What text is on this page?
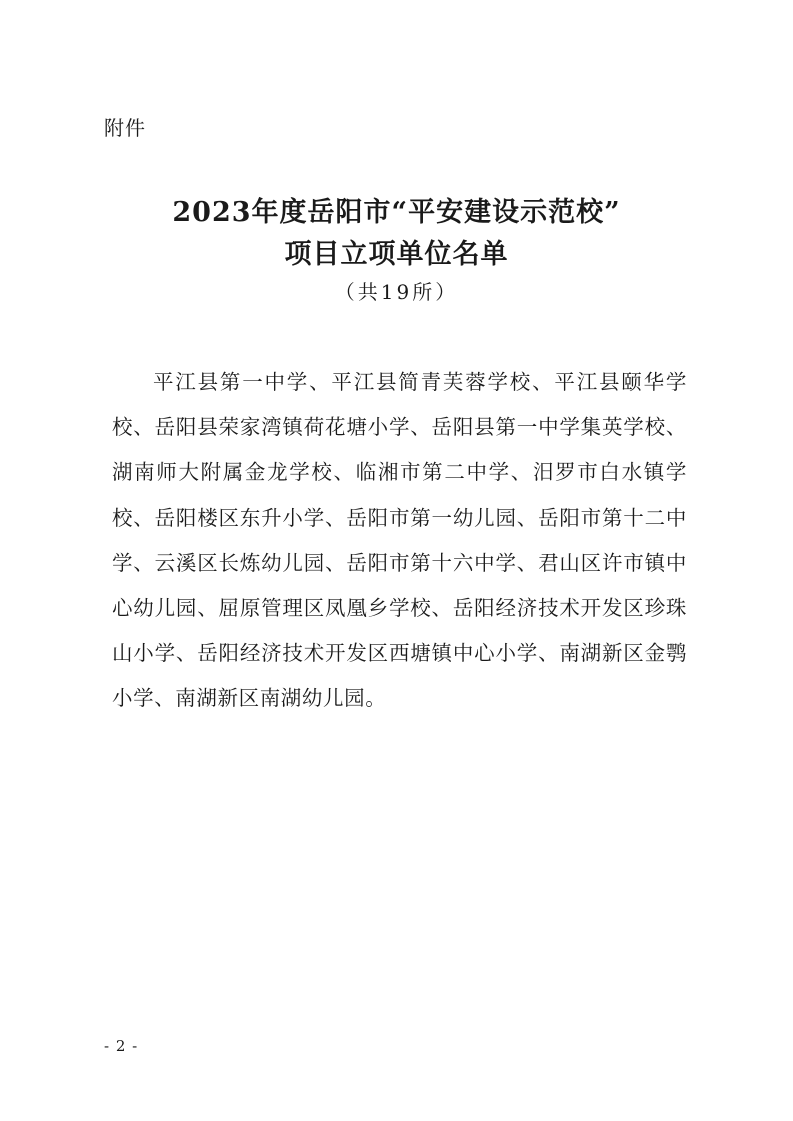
附件
2023年度岳阳市“平安建设示范校”
项目立项单位名单
（共19所）

平江县第一中学、平江县简青芙蓉学校、平江县颐华学校、岳阳县荣家湾镇荷花塘小学、岳阳县第一中学集英学校、湖南师大附属金龙学校、临湘市第二中学、汨罗市白水镇学校、岳阳楼区东升小学、岳阳市第一幼儿园、岳阳市第十二中学、云溪区长炼幼儿园、岳阳市第十六中学、君山区许市镇中心幼儿园、屈原管理区凤凰乡学校、岳阳经济技术开发区珍珠山小学、岳阳经济技术开发区西塘镇中心小学、南湖新区金鹗小学、南湖新区南湖幼儿园。

- 2 -
